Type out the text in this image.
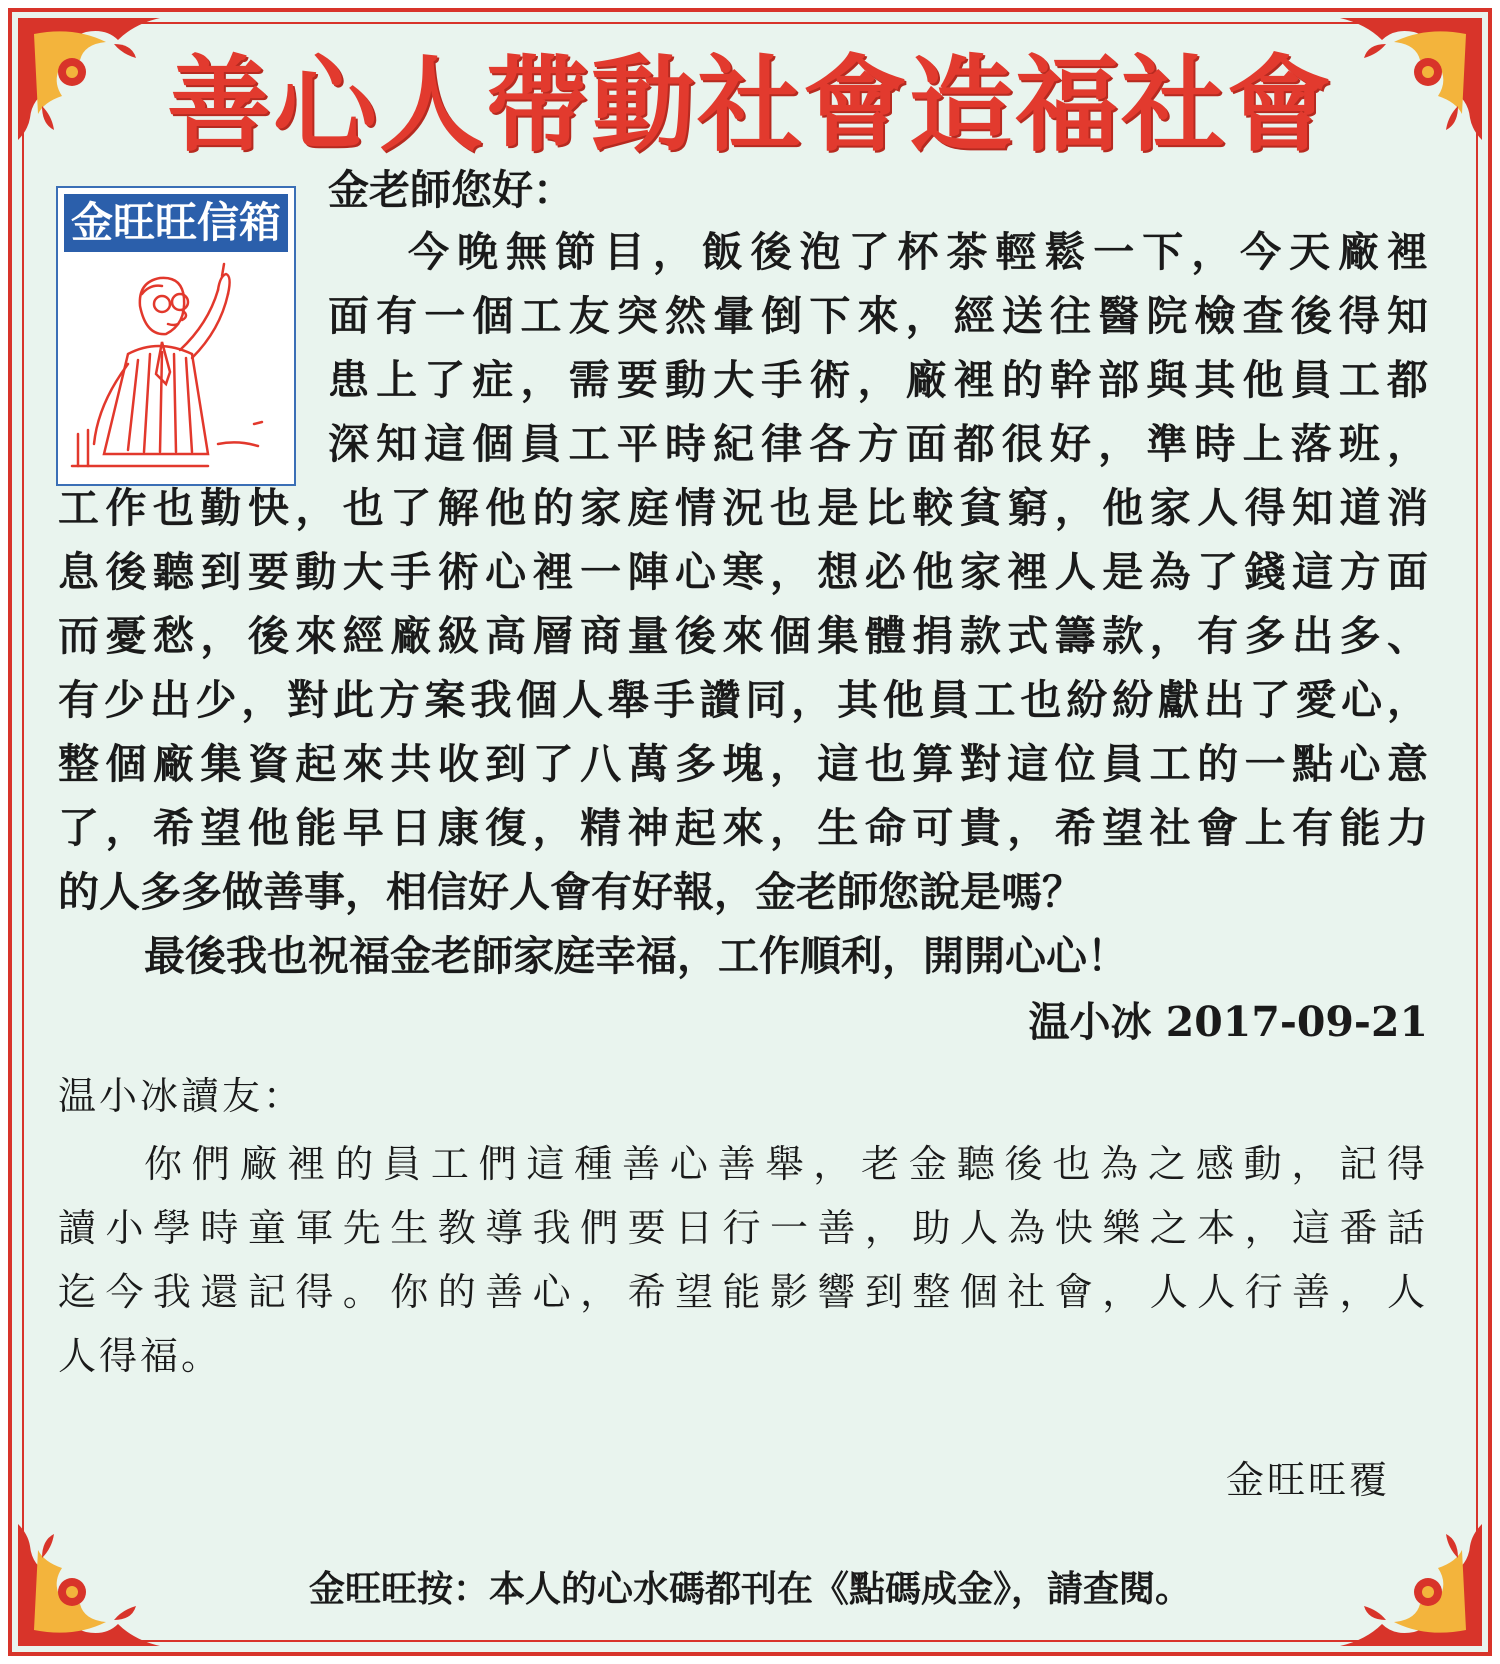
善心人帶動社會造福社會
金旺旺信箱
金老師您好：
今晚無節目，飯後泡了杯茶輕鬆一下，今天廠裡
面有一個工友突然暈倒下來，經送往醫院檢查後得知
患上了症，需要動大手術，廠裡的幹部與其他員工都
深知這個員工平時紀律各方面都很好，準時上落班，
工作也勤快，也了解他的家庭情況也是比較貧窮，他家人得知道消
息後聽到要動大手術心裡一陣心寒，想必他家裡人是為了錢這方面
而憂愁，後來經廠級高層商量後來個集體捐款式籌款，有多出多、
有少出少，對此方案我個人舉手讚同，其他員工也紛紛獻出了愛心，
整個廠集資起來共收到了八萬多塊，這也算對這位員工的一點心意
了，希望他能早日康復，精神起來，生命可貴，希望社會上有能力
的人多多做善事，相信好人會有好報，金老師您說是嗎？
最後我也祝福金老師家庭幸福，工作順利，開開心心！
温小冰 2017-09-21
温小冰讀友：
你們廠裡的員工們這種善心善舉，老金聽後也為之感動，記得
讀小學時童軍先生教導我們要日行一善，助人為快樂之本，這番話
迄今我還記得。你的善心，希望能影響到整個社會，人人行善，人
人得福。
金旺旺覆
金旺旺按：本人的心水碼都刊在《點碼成金》，請查閱。
